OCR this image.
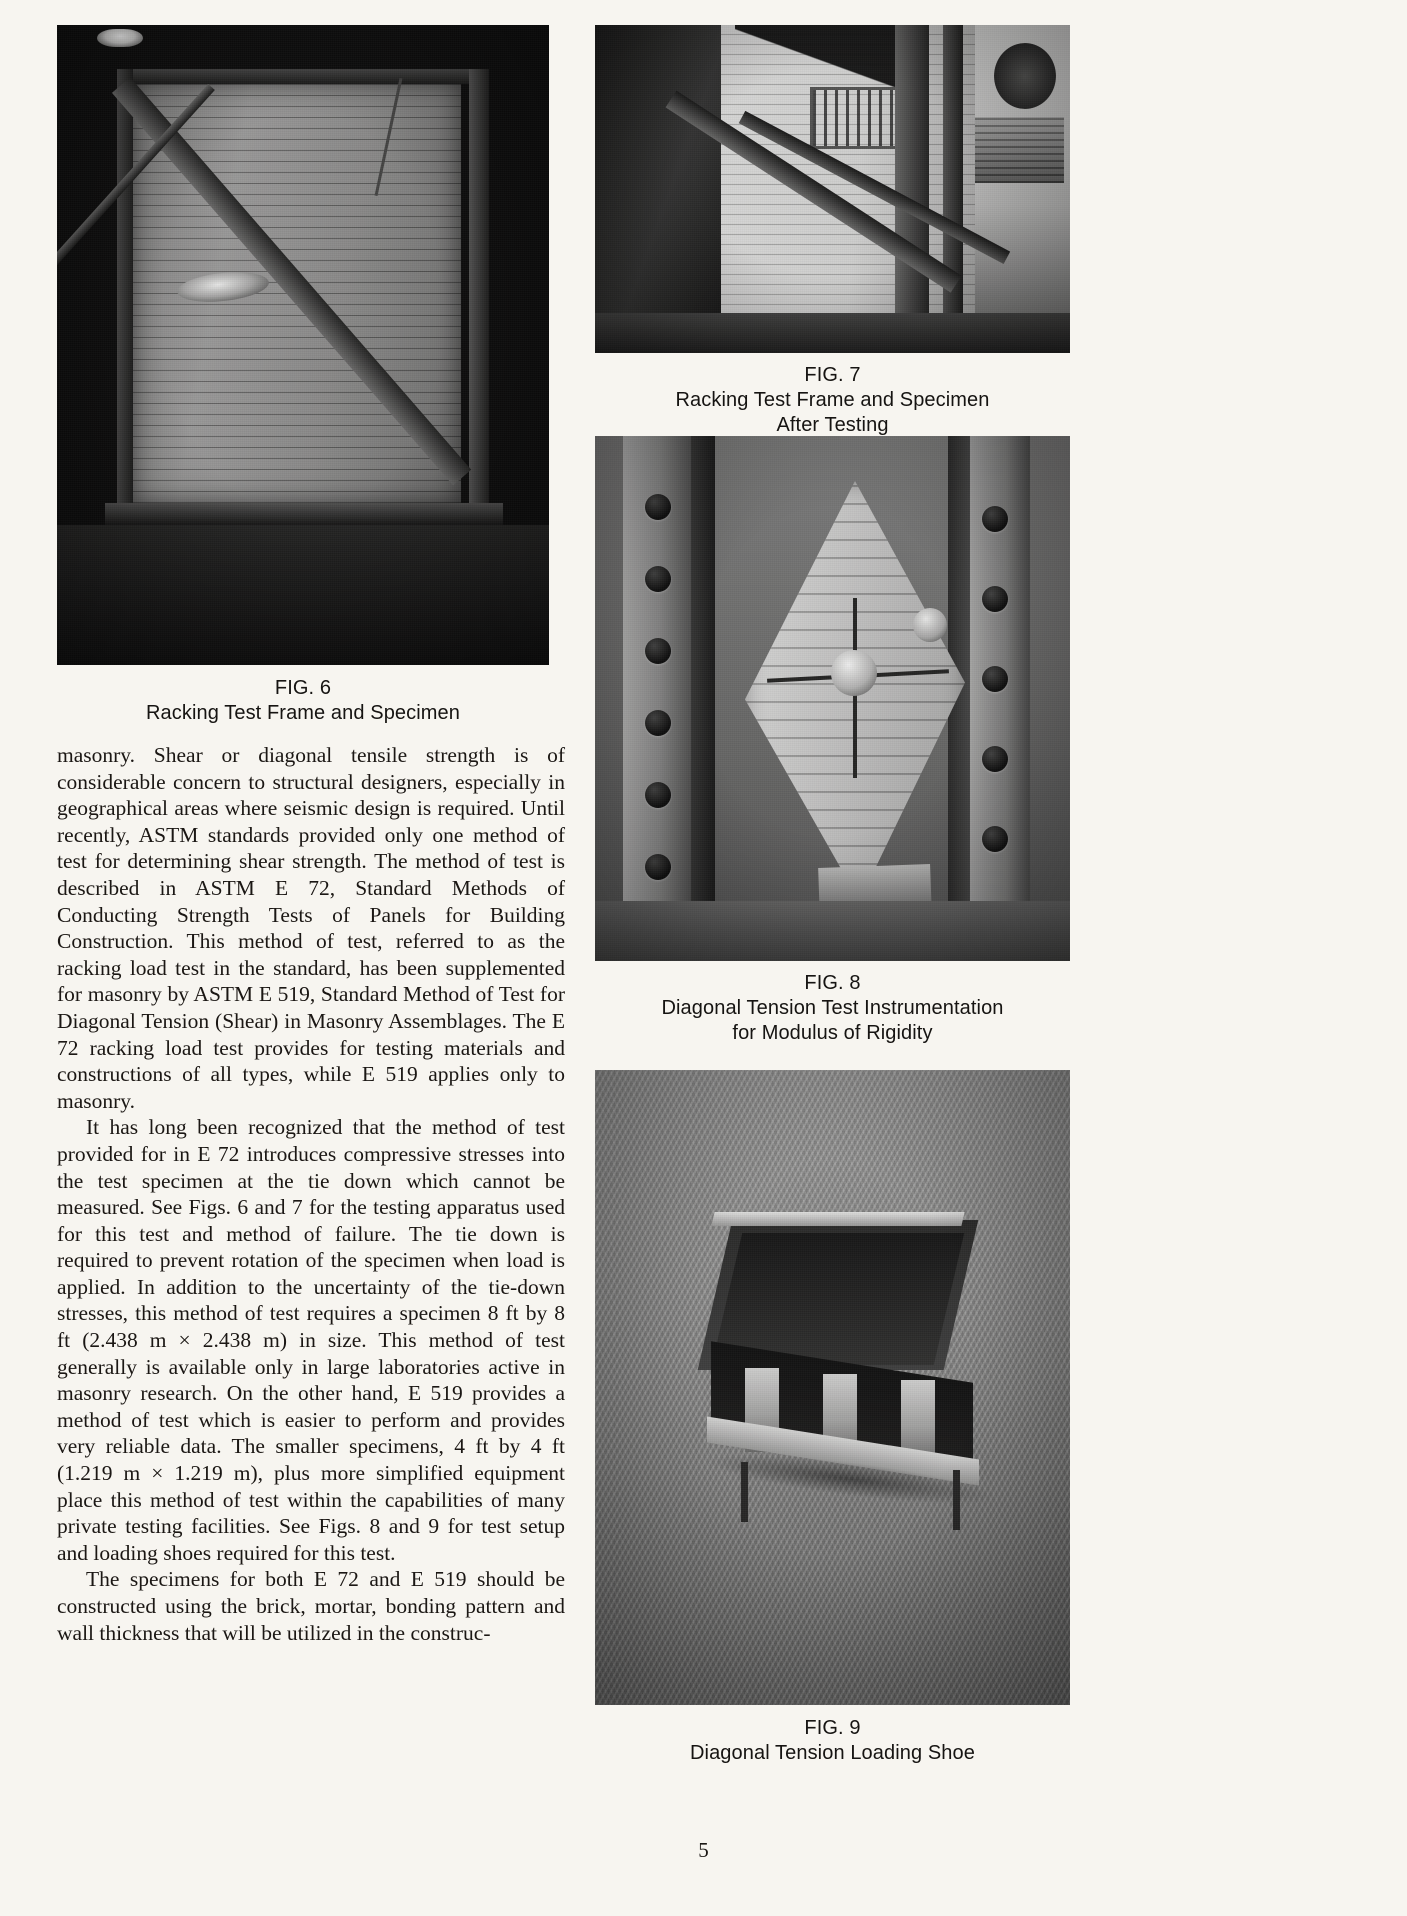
FIG. 6
Racking Test Frame and Specimen
FIG. 7
Racking Test Frame and Specimen
After Testing
FIG. 8
Diagonal Tension Test Instrumentation
for Modulus of Rigidity
FIG. 9
Diagonal Tension Loading Shoe

masonry. Shear or diagonal tensile strength is of considerable concern to structural designers, especially in geographical areas where seismic design is required. Until recently, ASTM standards provided only one method of test for determining shear strength. The method of test is described in ASTM E 72, Standard Methods of Conducting Strength Tests of Panels for Building Construction. This method of test, referred to as the racking load test in the standard, has been supplemented for masonry by ASTM E 519, Standard Method of Test for Diagonal Tension (Shear) in Masonry Assemblages. The E 72 racking load test provides for testing materials and constructions of all types, while E 519 applies only to masonry.

It has long been recognized that the method of test provided for in E 72 introduces compressive stresses into the test specimen at the tie down which cannot be measured. See Figs. 6 and 7 for the testing apparatus used for this test and method of failure. The tie down is required to prevent rotation of the specimen when load is applied. In addition to the uncertainty of the tie-down stresses, this method of test requires a specimen 8 ft by 8 ft (2.438 m × 2.438 m) in size. This method of test generally is available only in large laboratories active in masonry research. On the other hand, E 519 provides a method of test which is easier to perform and provides very reliable data. The smaller specimens, 4 ft by 4 ft (1.219 m × 1.219 m), plus more simplified equipment place this method of test within the capabilities of many private testing facilities. See Figs. 8 and 9 for test setup and loading shoes required for this test.

The specimens for both E 72 and E 519 should be constructed using the brick, mortar, bonding pattern and wall thickness that will be utilized in the construc-

5
